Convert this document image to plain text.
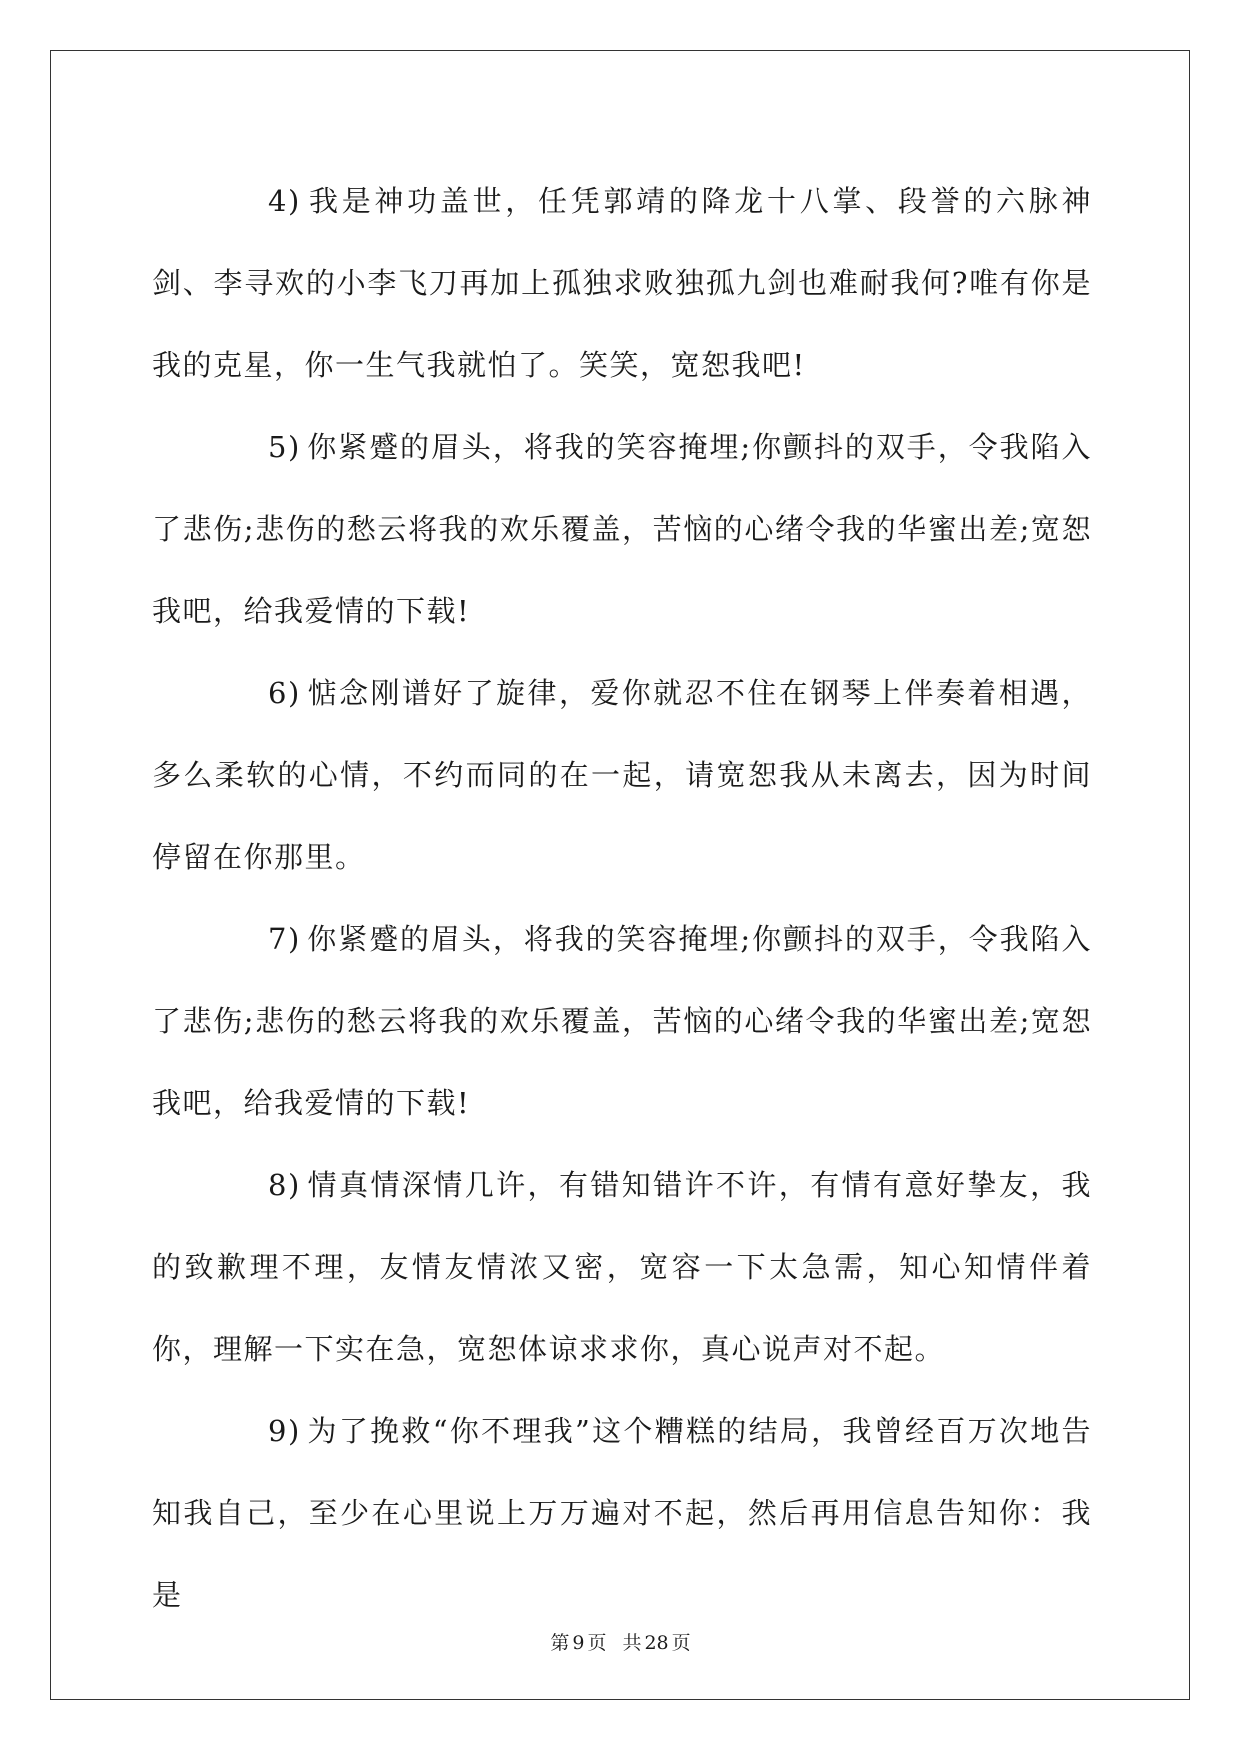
4) 我是神功盖世，任凭郭靖的降龙十八掌、段誉的六脉神剑、李寻欢的小李飞刀再加上孤独求败独孤九剑也难耐我何?唯有你是我的克星，你一生气我就怕了。笑笑，宽恕我吧!

5) 你紧蹙的眉头，将我的笑容掩埋;你颤抖的双手，令我陷入了悲伤;悲伤的愁云将我的欢乐覆盖，苦恼的心绪令我的华蜜出差;宽恕我吧，给我爱情的下载!

6) 惦念刚谱好了旋律，爱你就忍不住在钢琴上伴奏着相遇，多么柔软的心情，不约而同的在一起，请宽恕我从未离去，因为时间停留在你那里。

7) 你紧蹙的眉头，将我的笑容掩埋;你颤抖的双手，令我陷入了悲伤;悲伤的愁云将我的欢乐覆盖，苦恼的心绪令我的华蜜出差;宽恕我吧，给我爱情的下载!

8) 情真情深情几许，有错知错许不许，有情有意好挚友，我的致歉理不理，友情友情浓又密，宽容一下太急需，知心知情伴着你，理解一下实在急，宽恕体谅求求你，真心说声对不起。

9) 为了挽救“你不理我”这个糟糕的结局，我曾经百万次地告知我自己，至少在心里说上万万遍对不起，然后再用信息告知你：我是

第 9 页 共 28 页
